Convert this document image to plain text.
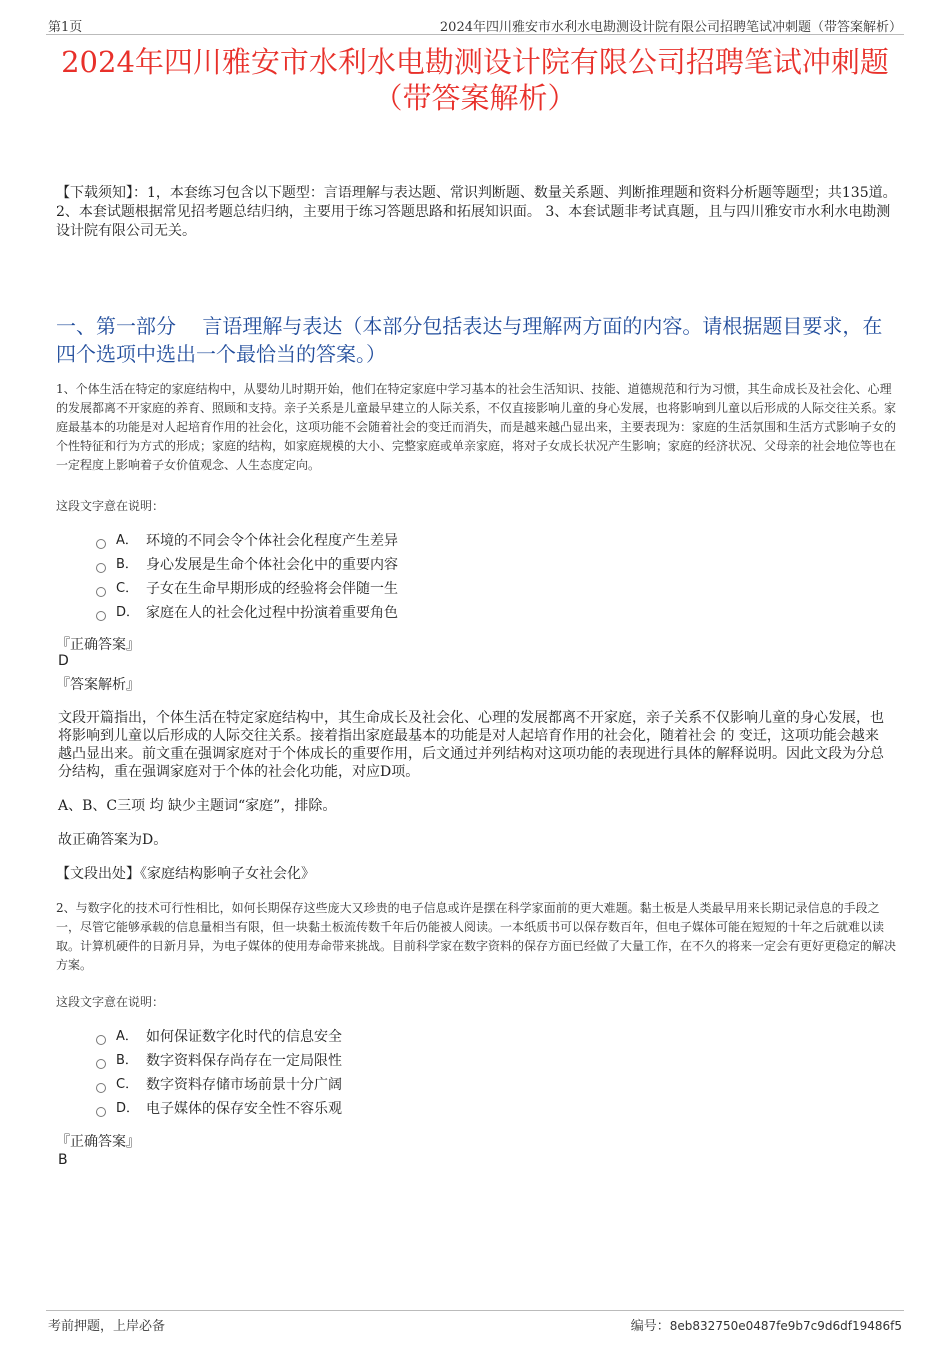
第1页	2024年四川雅安市水利水电勘测设计院有限公司招聘笔试冲刺题（带答案解析）
2024年四川雅安市水利水电勘测设计院有限公司招聘笔试冲刺题（带答案解析）
【下载须知】：1，本套练习包含以下题型：言语理解与表达题、常识判断题、数量关系题、判断推理题和资料分析题等题型；共135道。 2、本套试题根据常见招考题总结归纳，主要用于练习答题思路和拓展知识面。 3、本套试题非考试真题，且与四川雅安市水利水电勘测设计院有限公司无关。
一、第一部分　 言语理解与表达（本部分包括表达与理解两方面的内容。请根据题目要求，在四个选项中选出一个最恰当的答案。）
1、个体生活在特定的家庭结构中，从婴幼儿时期开始，他们在特定家庭中学习基本的社会生活知识、技能、道德规范和行为习惯，其生命成长及社会化、心理的发展都离不开家庭的养育、照顾和支持。亲子关系是儿童最早建立的人际关系，不仅直接影响儿童的身心发展，也将影响到儿童以后形成的人际交往关系。家庭最基本的功能是对人起培育作用的社会化，这项功能不会随着社会的变迁而消失，而是越来越凸显出来，主要表现为：家庭的生活氛围和生活方式影响子女的个性特征和行为方式的形成；家庭的结构，如家庭规模的大小、完整家庭或单亲家庭，将对子女成长状况产生影响；家庭的经济状况、父母亲的社会地位等也在一定程度上影响着子女价值观念、人生态度定向。
这段文字意在说明：
A． 环境的不同会令个体社会化程度产生差异
B． 身心发展是生命个体社会化中的重要内容
C． 子女在生命早期形成的经验将会伴随一生
D． 家庭在人的社会化过程中扮演着重要角色
『正确答案』
D
『答案解析』
文段开篇指出，个体生活在特定家庭结构中，其生命成长及社会化、心理的发展都离不开家庭，亲子关系不仅影响儿童的身心发展，也将影响到儿童以后形成的人际交往关系。接着指出家庭最基本的功能是对人起培育作用的社会化，随着社会 的 变迁，这项功能会越来越凸显出来。前文重在强调家庭对于个体成长的重要作用，后文通过并列结构对这项功能的表现进行具体的解释说明。因此文段为分总分结构，重在强调家庭对于个体的社会化功能，对应D项。
A、B、C三项 均 缺少主题词“家庭”，排除。
故正确答案为D。
【文段出处】《家庭结构影响子女社会化》
2、与数字化的技术可行性相比，如何长期保存这些庞大又珍贵的电子信息或许是摆在科学家面前的更大难题。黏土板是人类最早用来长期记录信息的手段之一，尽管它能够承载的信息量相当有限，但一块黏土板流传数千年后仍能被人阅读。一本纸质书可以保存数百年，但电子媒体可能在短短的十年之后就难以读取。计算机硬件的日新月异，为电子媒体的使用寿命带来挑战。目前科学家在数字资料的保存方面已经做了大量工作，在不久的将来一定会有更好更稳定的解决方案。
这段文字意在说明：
A． 如何保证数字化时代的信息安全
B． 数字资料保存尚存在一定局限性
C． 数字资料存储市场前景十分广阔
D． 电子媒体的保存安全性不容乐观
『正确答案』
B
考前押题，上岸必备	编号：8eb832750e0487fe9b7c9d6df19486f5
